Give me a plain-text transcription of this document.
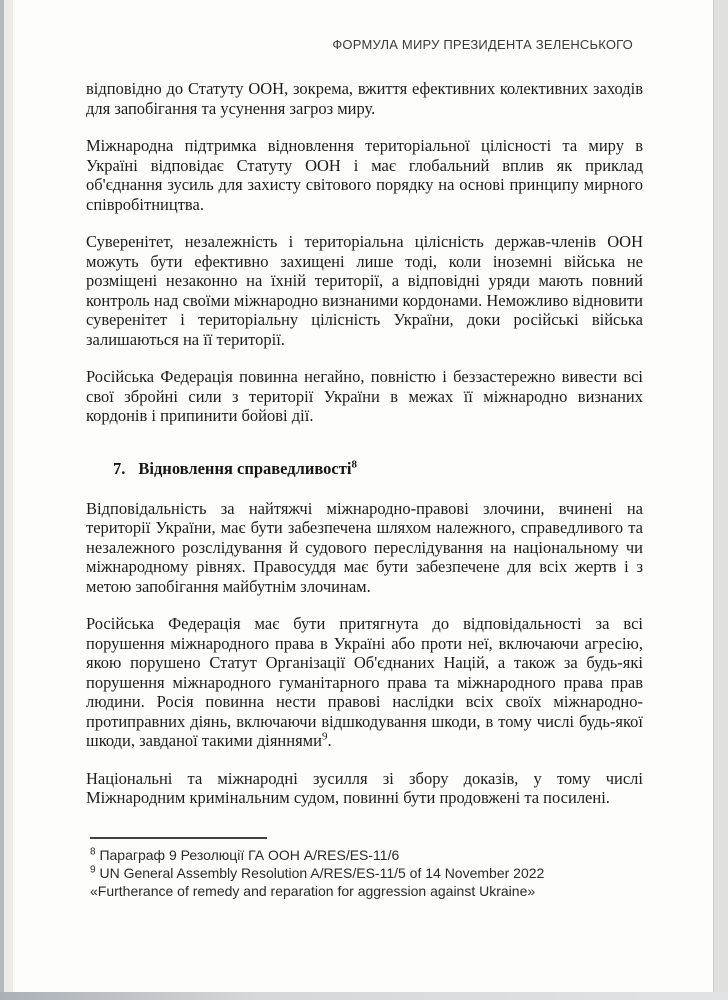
ФОРМУЛА МИРУ ПРЕЗИДЕНТА ЗЕЛЕНСЬКОГО

відповідно до Статуту ООН, зокрема, вжиття ефективних колективних заходів для запобігання та усунення загроз миру.

Міжнародна підтримка відновлення територіальної цілісності та миру в Україні відповідає Статуту ООН і має глобальний вплив як приклад об'єднання зусиль для захисту світового порядку на основі принципу мирного співробітництва.

Суверенітет, незалежність і територіальна цілісність держав-членів ООН можуть бути ефективно захищені лише тоді, коли іноземні війська не розміщені незаконно на їхній території, а відповідні уряди мають повний контроль над своїми міжнародно визнаними кордонами. Неможливо відновити суверенітет і територіальну цілісність України, доки російські війська залишаються на її території.

Російська Федерація повинна негайно, повністю і беззастережно вивести всі свої збройні сили з території України в межах її міжнародно визнаних кордонів і припинити бойові дії.

7. Відновлення справедливості$^8$

Відповідальність за найтяжчі міжнародно-правові злочини, вчинені на території України, має бути забезпечена шляхом належного, справедливого та незалежного розслідування й судового переслідування на національному чи міжнародному рівнях. Правосуддя має бути забезпечене для всіх жертв і з метою запобігання майбутнім злочинам.

Російська Федерація має бути притягнута до відповідальності за всі порушення міжнародного права в Україні або проти неї, включаючи агресію, якою порушено Статут Організації Об'єднаних Націй, а також за будь-які порушення міжнародного гуманітарного права та міжнародного права прав людини. Росія повинна нести правові наслідки всіх своїх міжнародно-протиправних діянь, включаючи відшкодування шкоди, в тому числі будь-якої шкоди, завданої такими діяннями$^9$.

Національні та міжнародні зусилля зі збору доказів, у тому числі Міжнародним кримінальним судом, повинні бути продовжені та посилені.

$^8$ Параграф 9 Резолюції ГА ООН A/RES/ES-11/6
$^9$ UN General Assembly Resolution A/RES/ES-11/5 of 14 November 2022
«Furtherance of remedy and reparation for aggression against Ukraine»
